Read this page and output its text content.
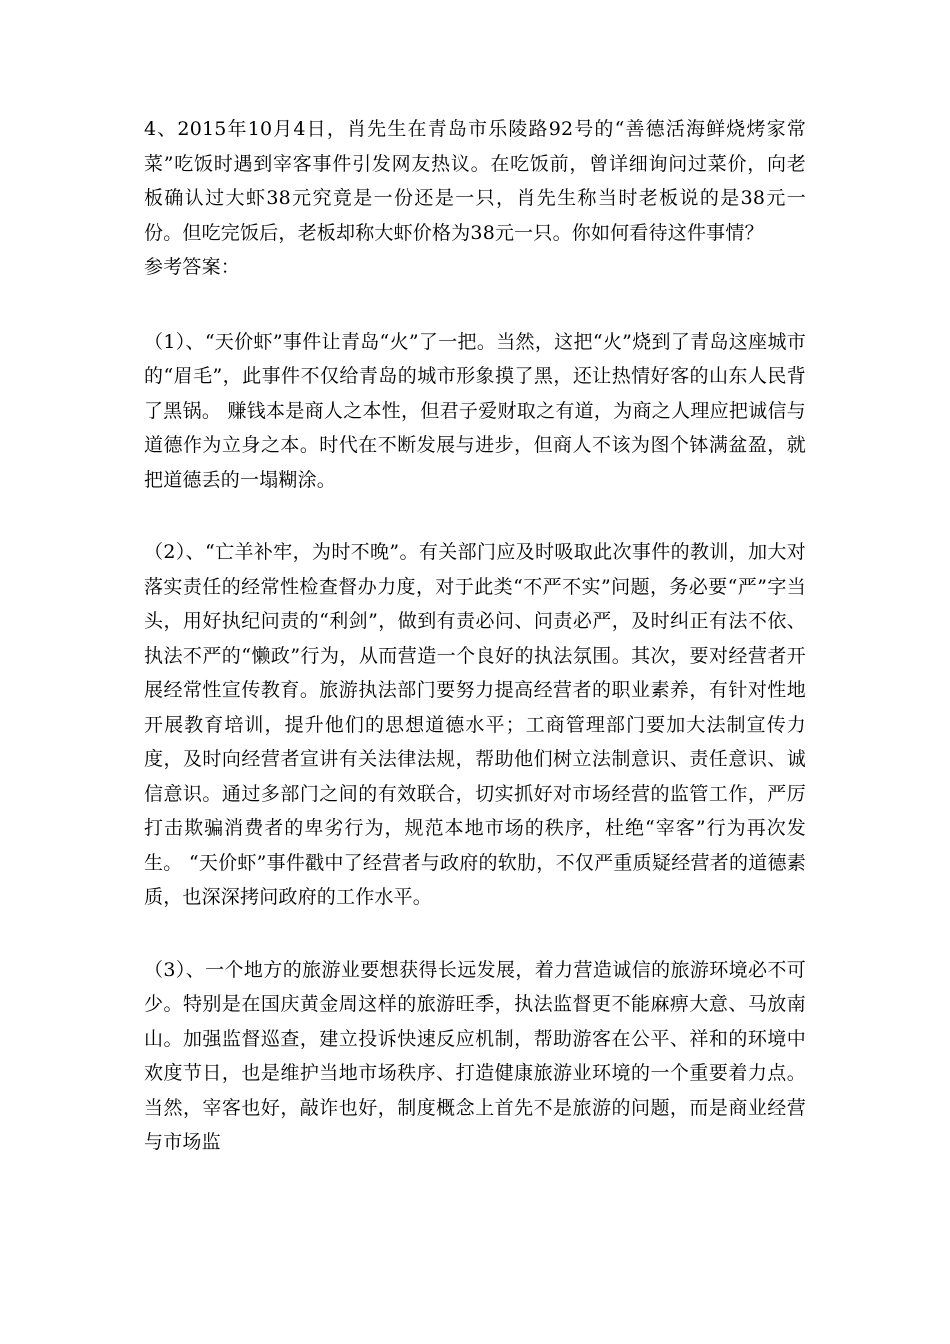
4、2015年10月4日，肖先生在青岛市乐陵路92号的“善德活海鲜烧烤家常菜”吃饭时遇到宰客事件引发网友热议。在吃饭前，曾详细询问过菜价，向老板确认过大虾38元究竟是一份还是一只，肖先生称当时老板说的是38元一份。但吃完饭后，老板却称大虾价格为38元一只。你如何看待这件事情？

参考答案：

（1）、“天价虾”事件让青岛“火”了一把。当然，这把“火”烧到了青岛这座城市的“眉毛”，此事件不仅给青岛的城市形象摸了黑，还让热情好客的山东人民背了黑锅。 赚钱本是商人之本性，但君子爱财取之有道，为商之人理应把诚信与道德作为立身之本。时代在不断发展与进步，但商人不该为图个钵满盆盈，就把道德丢的一塌糊涂。

（2）、“亡羊补牢，为时不晚”。有关部门应及时吸取此次事件的教训，加大对落实责任的经常性检查督办力度，对于此类“不严不实”问题，务必要“严”字当头，用好执纪问责的“利剑”，做到有责必问、问责必严，及时纠正有法不依、执法不严的“懒政”行为，从而营造一个良好的执法氛围。其次，要对经营者开展经常性宣传教育。旅游执法部门要努力提高经营者的职业素养，有针对性地开展教育培训，提升他们的思想道德水平；工商管理部门要加大法制宣传力度，及时向经营者宣讲有关法律法规，帮助他们树立法制意识、责任意识、诚信意识。通过多部门之间的有效联合，切实抓好对市场经营的监管工作，严厉打击欺骗消费者的卑劣行为，规范本地市场的秩序，杜绝“宰客”行为再次发生。 “天价虾”事件戳中了经营者与政府的软肋，不仅严重质疑经营者的道德素质，也深深拷问政府的工作水平。

（3）、一个地方的旅游业要想获得长远发展，着力营造诚信的旅游环境必不可少。特别是在国庆黄金周这样的旅游旺季，执法监督更不能麻痹大意、马放南山。加强监督巡查，建立投诉快速反应机制，帮助游客在公平、祥和的环境中欢度节日，也是维护当地市场秩序、打造健康旅游业环境的一个重要着力点。 当然，宰客也好，敲诈也好，制度概念上首先不是旅游的问题，而是商业经营与市场监
